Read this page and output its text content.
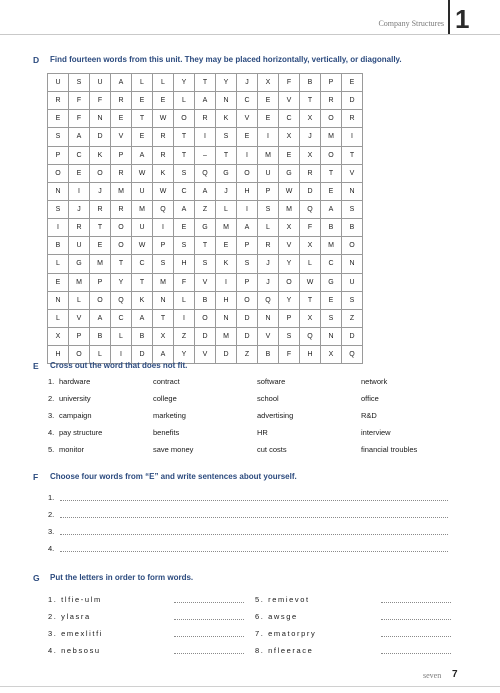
Company Structures 1
D Find fourteen words from this unit. They may be placed horizontally, vertically, or diagonally.
U	S	U	A	L	L	Y	T	Y	J	X	F	B	P	E
R	F	F	R	E	E	L	A	N	C	E	V	T	R	D
E	F	N	E	T	W	O	R	K	V	E	C	X	O	R
S	A	D	V	E	R	T	I	S	E	I	X	J	M	I
P	C	K	P	A	R	T	–	T	I	M	E	X	O	T
O	E	O	R	W	K	S	Q	G	O	U	G	R	T	V
N	I	J	M	U	W	C	A	J	H	P	W	D	E	N
S	J	R	R	M	Q	A	Z	L	I	S	M	Q	A	S
I	R	T	O	U	I	E	G	M	A	L	X	F	B	B
B	U	E	O	W	P	S	T	E	P	R	V	X	M	O
L	G	M	T	C	S	H	S	K	S	J	Y	L	C	N
E	M	P	Y	T	M	F	V	I	P	J	O	W	G	U
N	L	O	Q	K	N	L	B	H	O	Q	Y	T	E	S
L	V	A	C	A	T	I	O	N	D	N	P	X	S	Z
X	P	B	L	B	X	Z	D	M	D	V	S	Q	N	D
H	O	L	I	D	A	Y	V	D	Z	B	F	H	X	Q
E Cross out the word that does not fit.
1. hardware	contract	software	network
2. university	college	school	office
3. campaign	marketing	advertising	R&D
4. pay structure	benefits	HR	interview
5. monitor	save money	cut costs	financial troubles
F Choose four words from “E” and write sentences about yourself.
1.
2.
3.
4.
G Put the letters in order to form words.
1. tlfie-ulm
2. ylasra
3. emexlitfi
4. nebsosu
5. remievot
6. awsge
7. ematorpry
8. nfleerace
seven 7
